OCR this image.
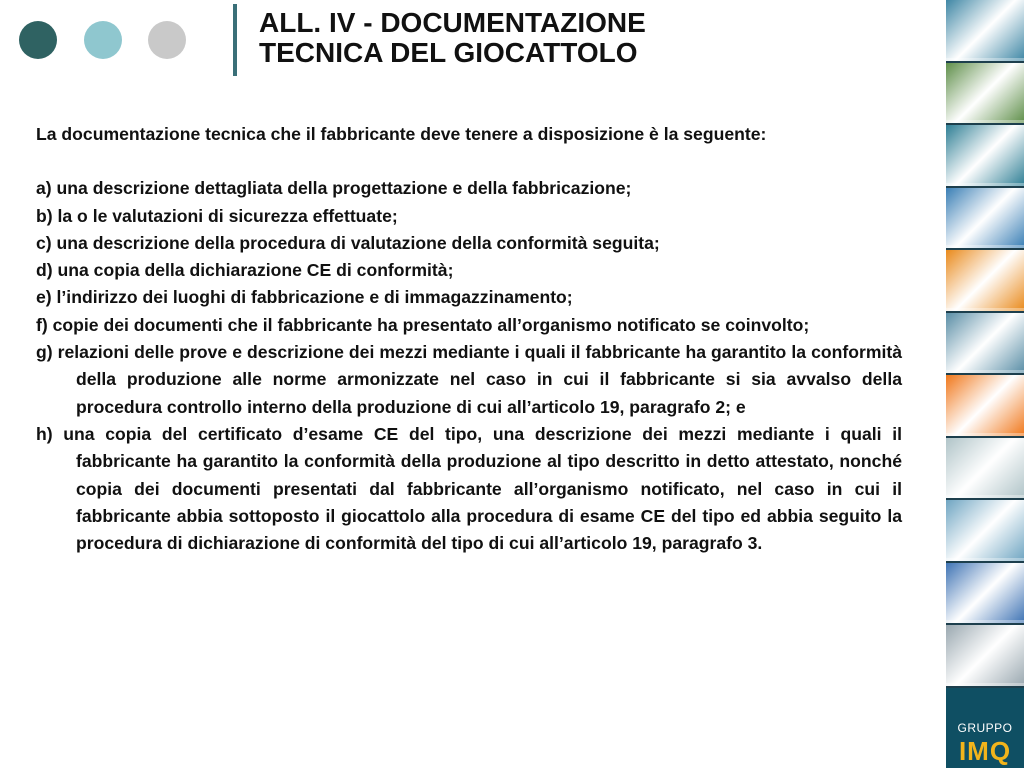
ALL. IV - DOCUMENTAZIONE
TECNICA DEL GIOCATTOLO

La documentazione tecnica che il fabbricante deve tenere a disposizione è la seguente:

a) una descrizione dettagliata della progettazione e della fabbricazione;

b) la o le valutazioni di sicurezza effettuate;

c) una descrizione della procedura di valutazione della conformità seguita;

d) una copia della dichiarazione CE di conformità;

e) l’indirizzo dei luoghi di fabbricazione e di immagazzinamento;

f) copie dei documenti che il fabbricante ha presentato all’organismo notificato se coinvolto;

g) relazioni delle prove e descrizione dei mezzi mediante i quali il fabbricante ha garantito la conformità della produzione alle norme armonizzate nel caso in cui il fabbricante si sia avvalso della procedura controllo interno della produzione di cui all’articolo 19, paragrafo 2; e

h) una copia del certificato d’esame CE del tipo, una descrizione dei mezzi mediante i quali il fabbricante ha garantito la conformità della produzione al tipo descritto in detto attestato, nonché copia dei documenti presentati dal fabbricante all’organismo notificato, nel caso in cui il fabbricante abbia sottoposto il giocattolo alla procedura di esame CE del tipo ed abbia seguito la procedura di dichiarazione di conformità del tipo di cui all’articolo 19, paragrafo 3.

GRUPPO
IMQ
